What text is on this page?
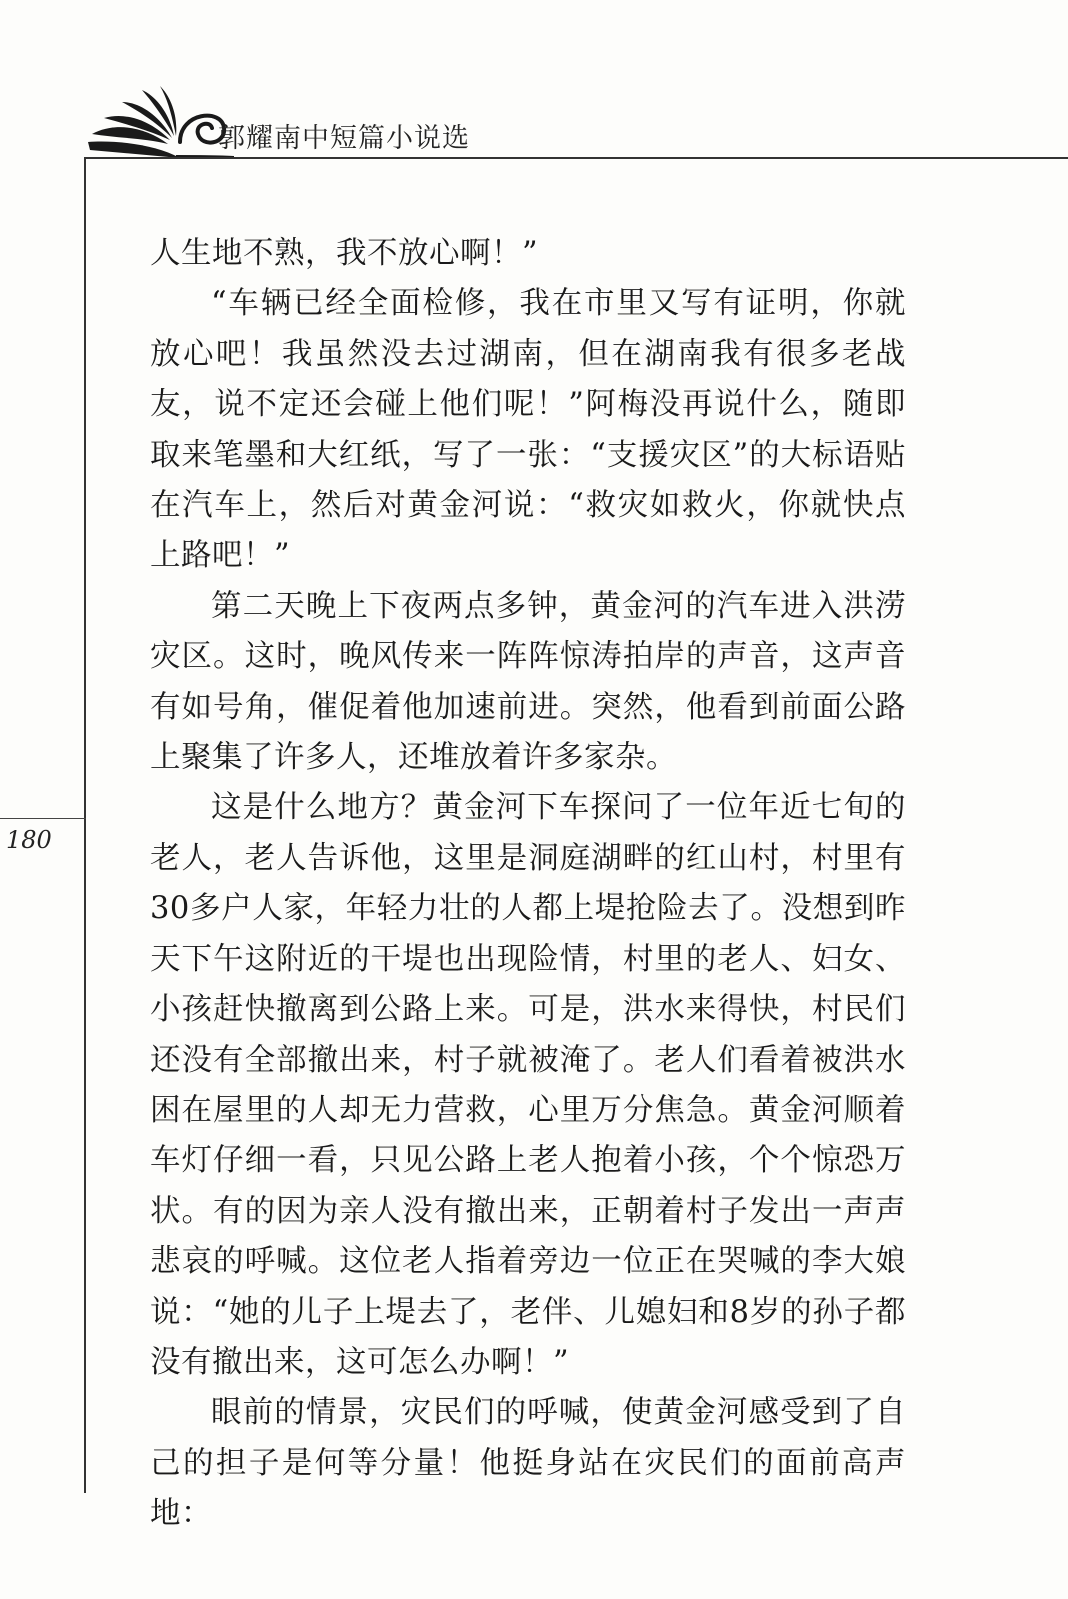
郭耀南中短篇小说选
180

人生地不熟，我不放心啊！”

“车辆已经全面检修，我在市里又写有证明，你就放心吧！我虽然没去过湖南，但在湖南我有很多老战友，说不定还会碰上他们呢！”阿梅没再说什么，随即取来笔墨和大红纸，写了一张：“支援灾区”的大标语贴在汽车上，然后对黄金河说：“救灾如救火，你就快点上路吧！”

第二天晚上下夜两点多钟，黄金河的汽车进入洪涝灾区。这时，晚风传来一阵阵惊涛拍岸的声音，这声音有如号角，催促着他加速前进。突然，他看到前面公路上聚集了许多人，还堆放着许多家杂。

这是什么地方？黄金河下车探问了一位年近七旬的老人，老人告诉他，这里是洞庭湖畔的红山村，村里有30多户人家，年轻力壮的人都上堤抢险去了。没想到昨天下午这附近的干堤也出现险情，村里的老人、妇女、小孩赶快撤离到公路上来。可是，洪水来得快，村民们还没有全部撤出来，村子就被淹了。老人们看着被洪水困在屋里的人却无力营救，心里万分焦急。黄金河顺着车灯仔细一看，只见公路上老人抱着小孩，个个惊恐万状。有的因为亲人没有撤出来，正朝着村子发出一声声悲哀的呼喊。这位老人指着旁边一位正在哭喊的李大娘说：“她的儿子上堤去了，老伴、儿媳妇和8岁的孙子都没有撤出来，这可怎么办啊！”

眼前的情景，灾民们的呼喊，使黄金河感受到了自己的担子是何等分量！他挺身站在灾民们的面前高声地：
